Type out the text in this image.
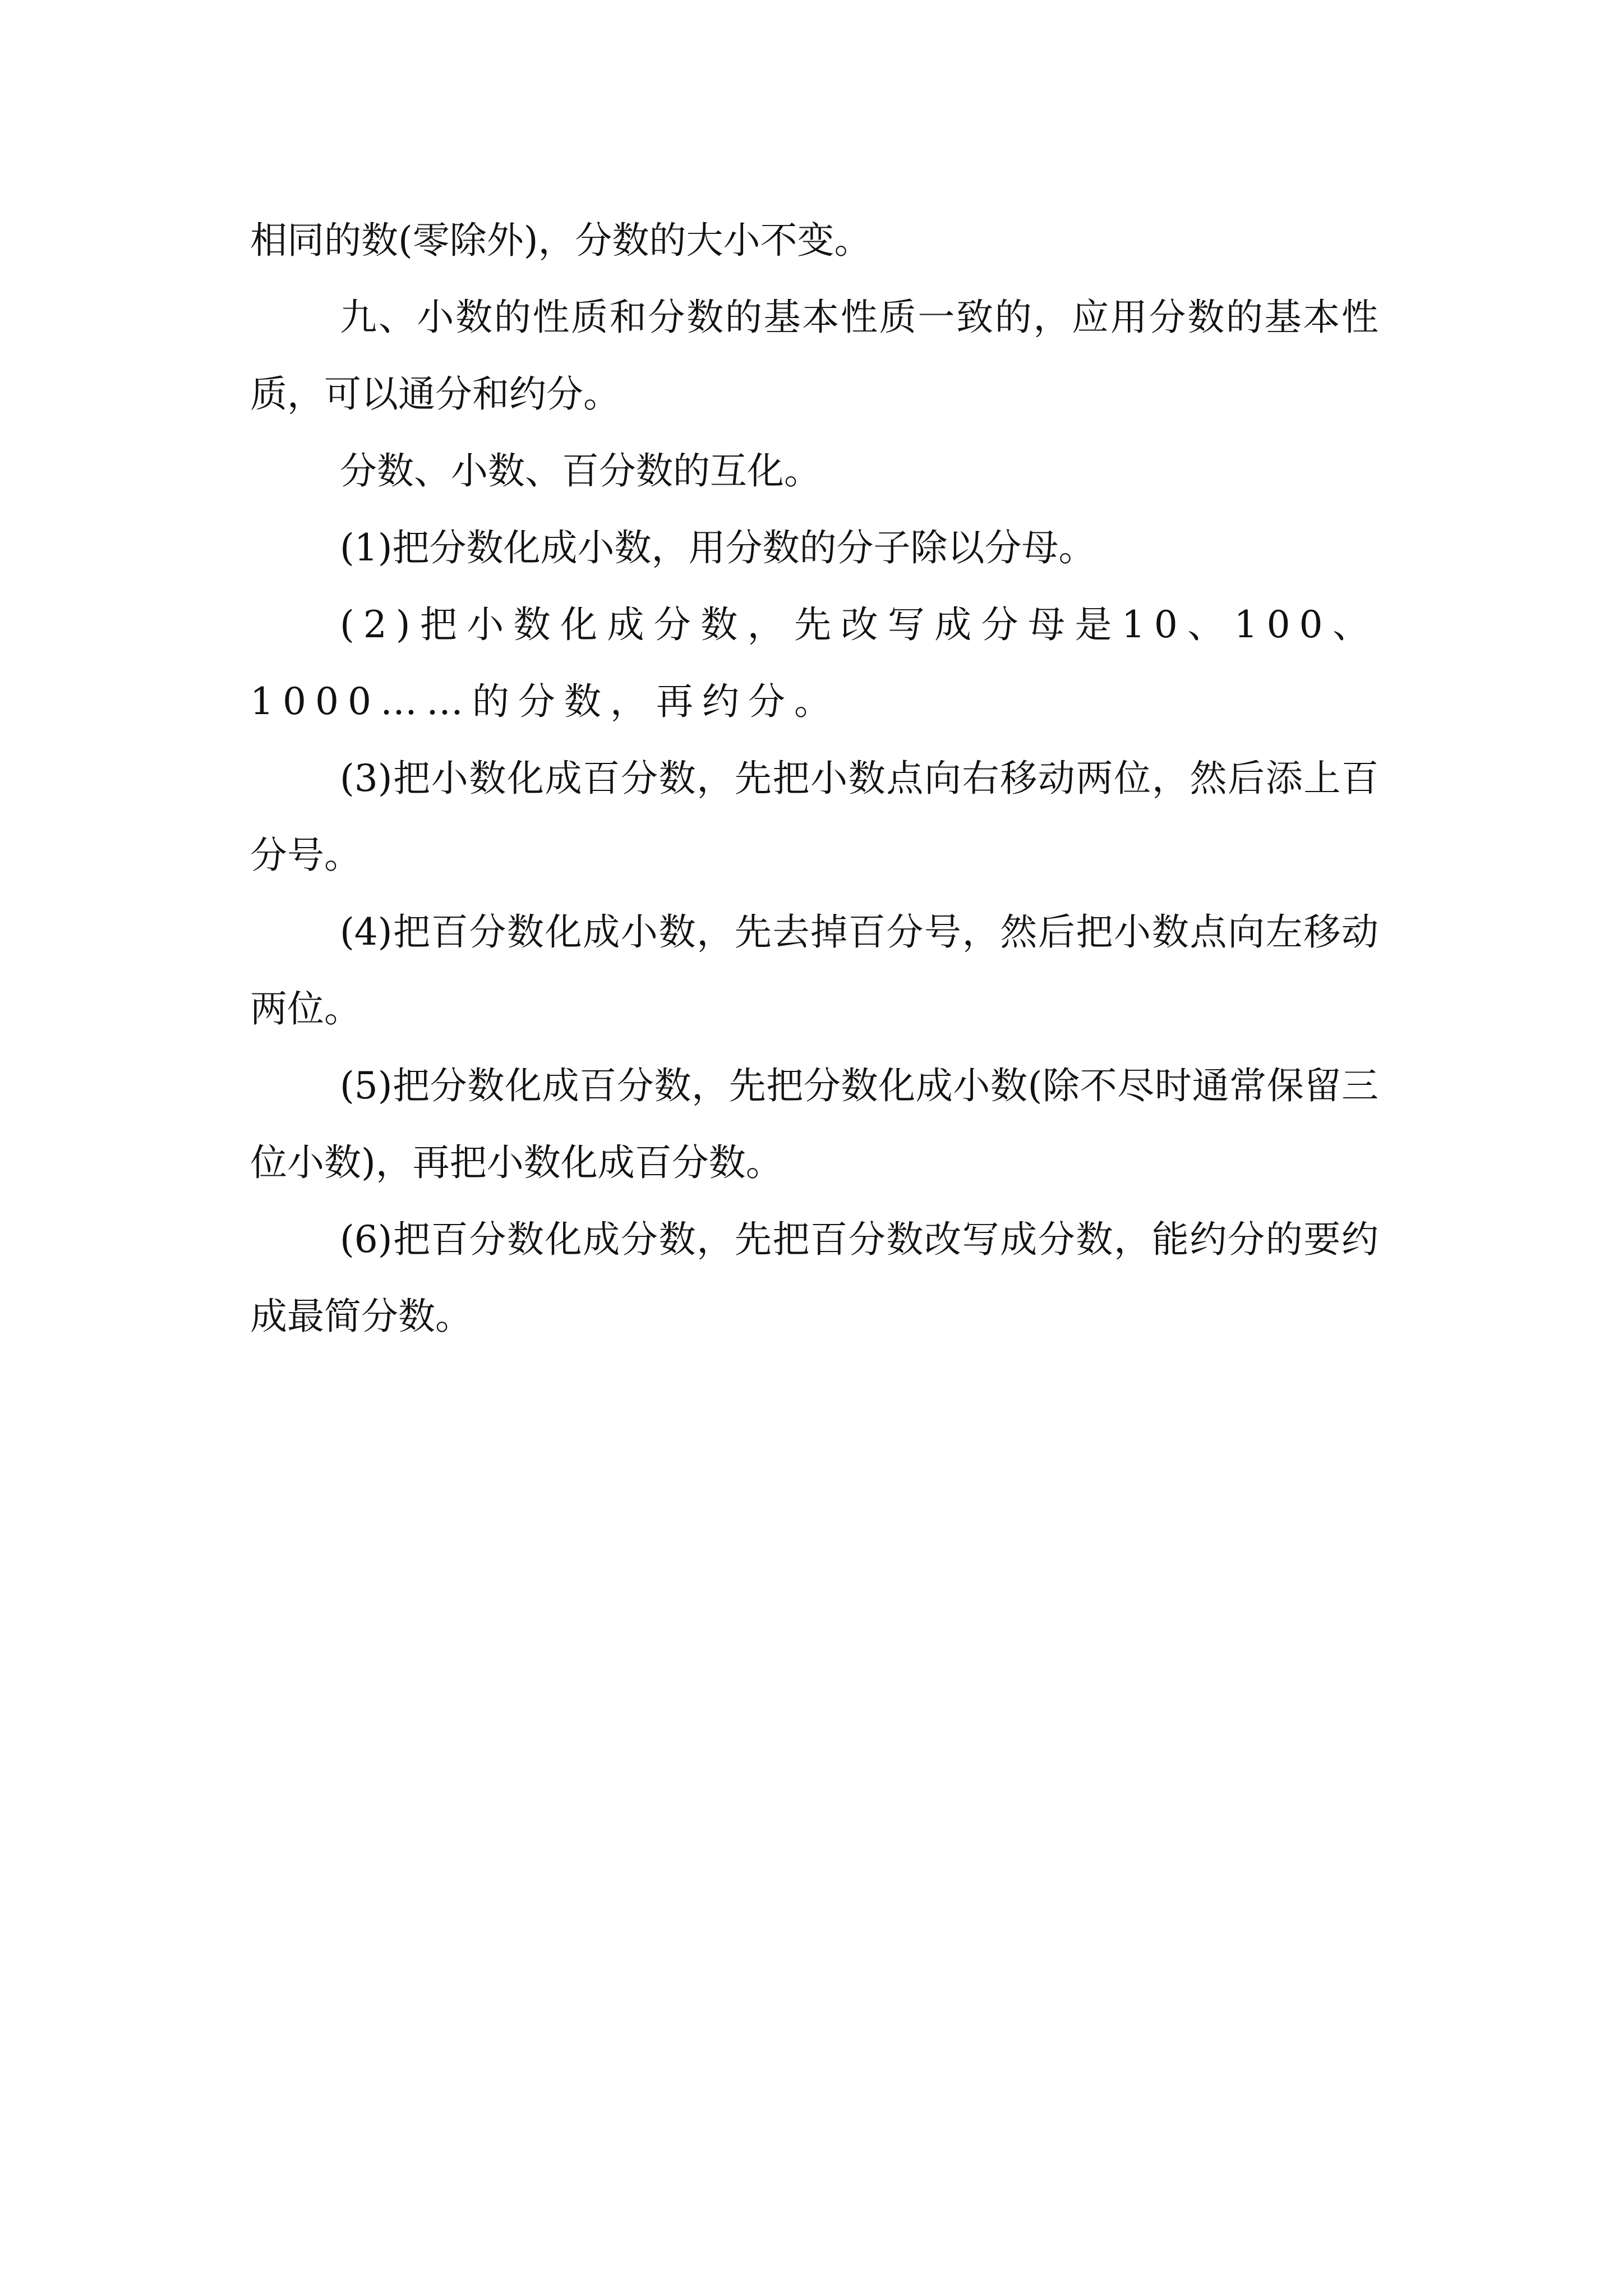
相同的数(零除外)，分数的大小不变。

九、小数的性质和分数的基本性质一致的，应用分数的基本性质，可以通分和约分。

分数、小数、百分数的互化。

(1)把分数化成小数，用分数的分子除以分母。

(2)把小数化成分数，先改写成分母是10、100、1000……的分数，再约分。

(3)把小数化成百分数，先把小数点向右移动两位，然后添上百分号。

(4)把百分数化成小数，先去掉百分号，然后把小数点向左移动两位。

(5)把分数化成百分数，先把分数化成小数(除不尽时通常保留三位小数)，再把小数化成百分数。

(6)把百分数化成分数，先把百分数改写成分数，能约分的要约成最简分数。
